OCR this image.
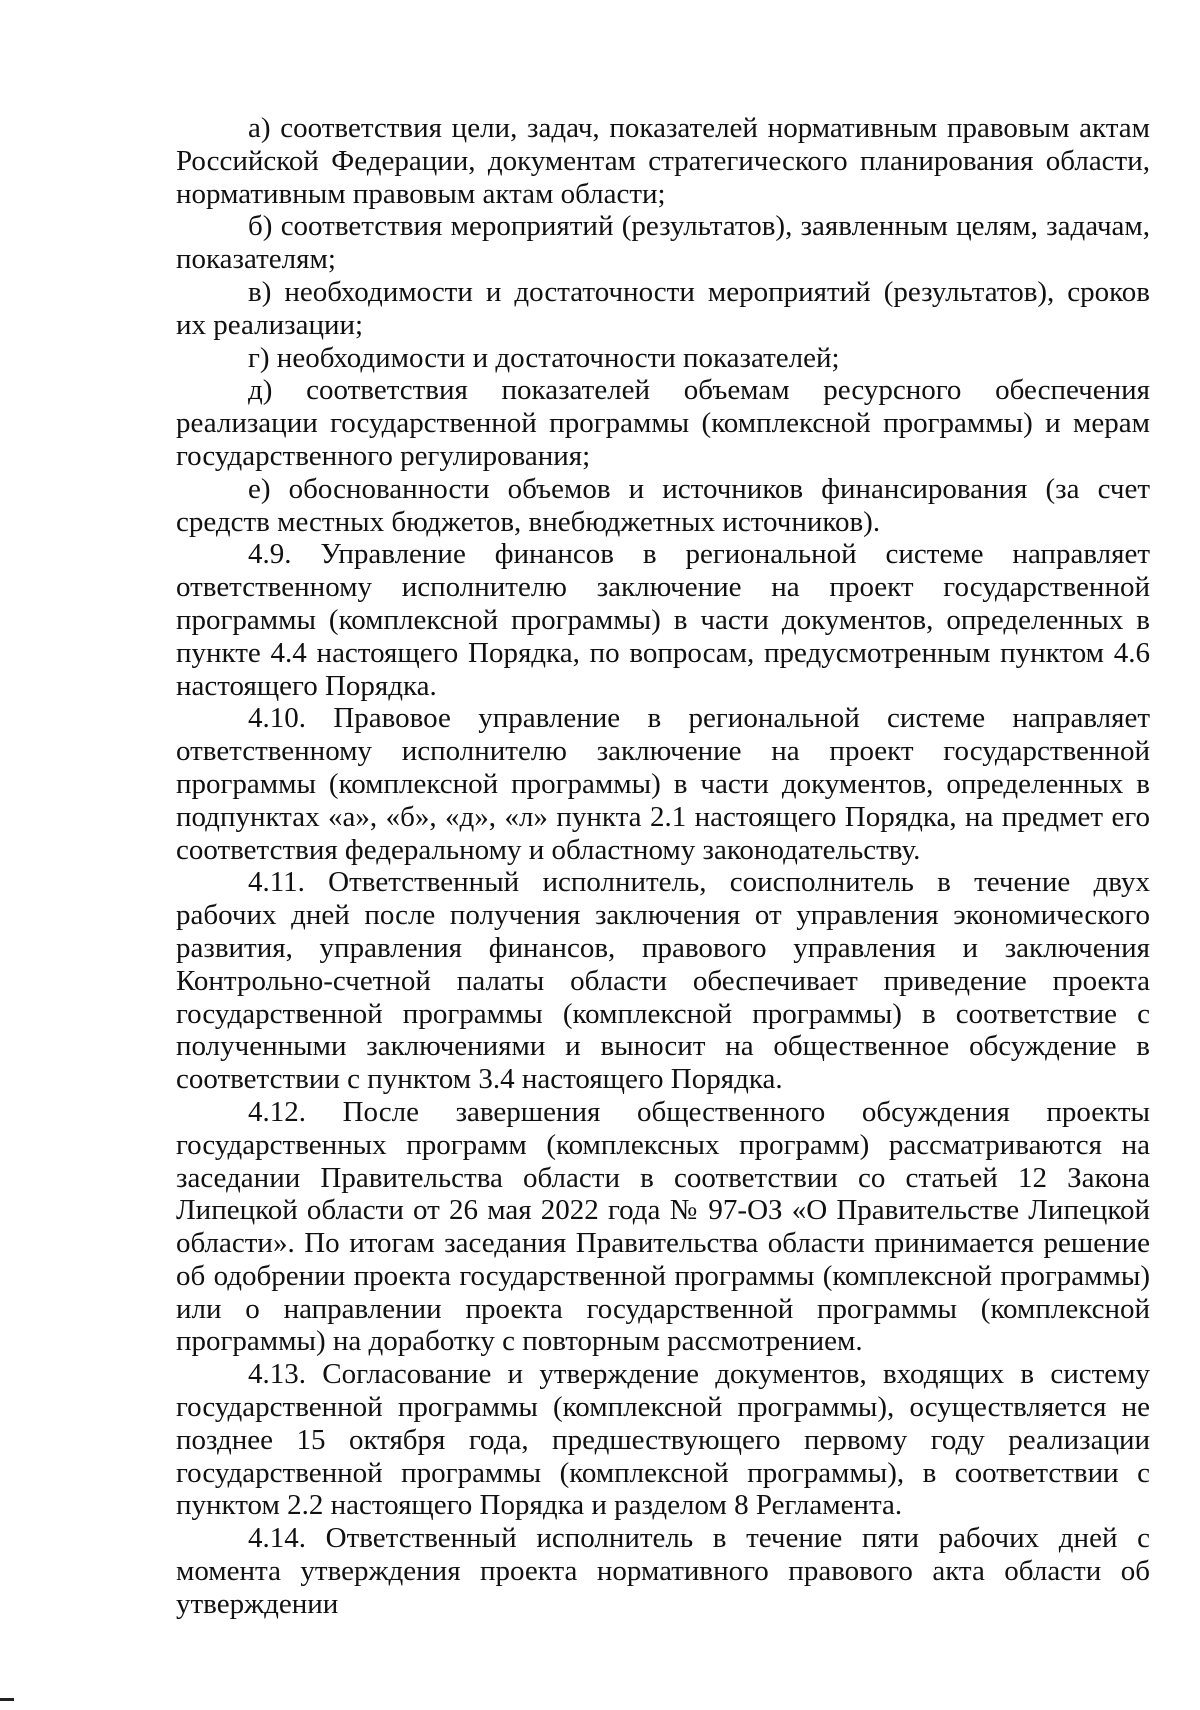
а) соответствия цели, задач, показателей нормативным правовым актам Российской Федерации, документам стратегического планирования области, нормативным правовым актам области;

б) соответствия мероприятий (результатов), заявленным целям, задачам, показателям;

в) необходимости и достаточности мероприятий (результатов), сроков их реализации;

г) необходимости и достаточности показателей;

д) соответствия показателей объемам ресурсного обеспечения реализации государственной программы (комплексной программы) и мерам государственного регулирования;

е) обоснованности объемов и источников финансирования (за счет средств местных бюджетов, внебюджетных источников).

4.9. Управление финансов в региональной системе направляет ответственному исполнителю заключение на проект государственной программы (комплексной программы) в части документов, определенных в пункте 4.4 настоящего Порядка, по вопросам, предусмотренным пунктом 4.6 настоящего Порядка.

4.10. Правовое управление в региональной системе направляет ответственному исполнителю заключение на проект государственной программы (комплексной программы) в части документов, определенных в подпунктах «а», «б», «д», «л» пункта 2.1 настоящего Порядка, на предмет его соответствия федеральному и областному законодательству.

4.11. Ответственный исполнитель, соисполнитель в течение двух рабочих дней после получения заключения от управления экономического развития, управления финансов, правового управления и заключения Контрольно-счетной палаты области обеспечивает приведение проекта государственной программы (комплексной программы) в соответствие с полученными заключениями и выносит на общественное обсуждение в соответствии с пунктом 3.4 настоящего Порядка.

4.12. После завершения общественного обсуждения проекты государственных программ (комплексных программ) рассматриваются на заседании Правительства области в соответствии со статьей 12 Закона Липецкой области от 26 мая 2022 года № 97-ОЗ «О Правительстве Липецкой области». По итогам заседания Правительства области принимается решение об одобрении проекта государственной программы (комплексной программы) или о направлении проекта государственной программы (комплексной программы) на доработку с повторным рассмотрением.

4.13. Согласование и утверждение документов, входящих в систему государственной программы (комплексной программы), осуществляется не позднее 15 октября года, предшествующего первому году реализации государственной программы (комплексной программы), в соответствии с пунктом 2.2 настоящего Порядка и разделом 8 Регламента.

4.14. Ответственный исполнитель в течение пяти рабочих дней с момента утверждения проекта нормативного правового акта области об утверждении
